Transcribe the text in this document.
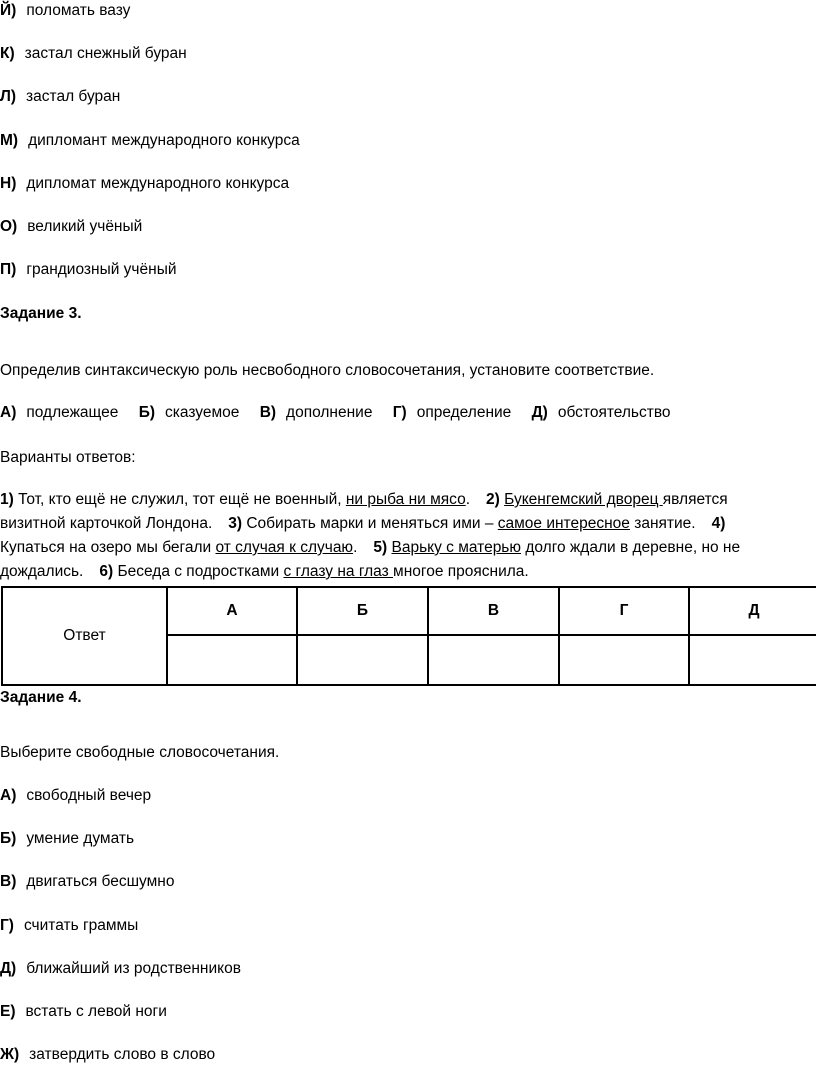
Й) поломать вазу
К) застал снежный буран
Л) застал буран
М) дипломант международного конкурса
Н) дипломат международного конкурса
О) великий учёный
П) грандиозный учёный
Задание 3.
Определив синтаксическую роль несвободного словосочетания, установите соответствие.
А) подлежащее Б) сказуемое В) дополнение Г) определение Д) обстоятельство
Варианты ответов:
1) Тот, кто ещё не служил, тот ещё не военный, ни рыба ни мясо. 2) Букенгемский дворец является
визитной карточкой Лондона. 3) Собирать марки и меняться ими – самое интересное занятие. 4)
Купаться на озеро мы бегали от случая к случаю. 5) Варьку с матерью долго ждали в деревне, но не
дождались. 6) Беседа с подростками с глазу на глаз многое прояснила.
Ответ	А	Б	В	Г	Д

Задание 4.
Выберите свободные словосочетания.
А) свободный вечер
Б) умение думать
В) двигаться бесшумно
Г) считать граммы
Д) ближайший из родственников
Е) встать с левой ноги
Ж) затвердить слово в слово
